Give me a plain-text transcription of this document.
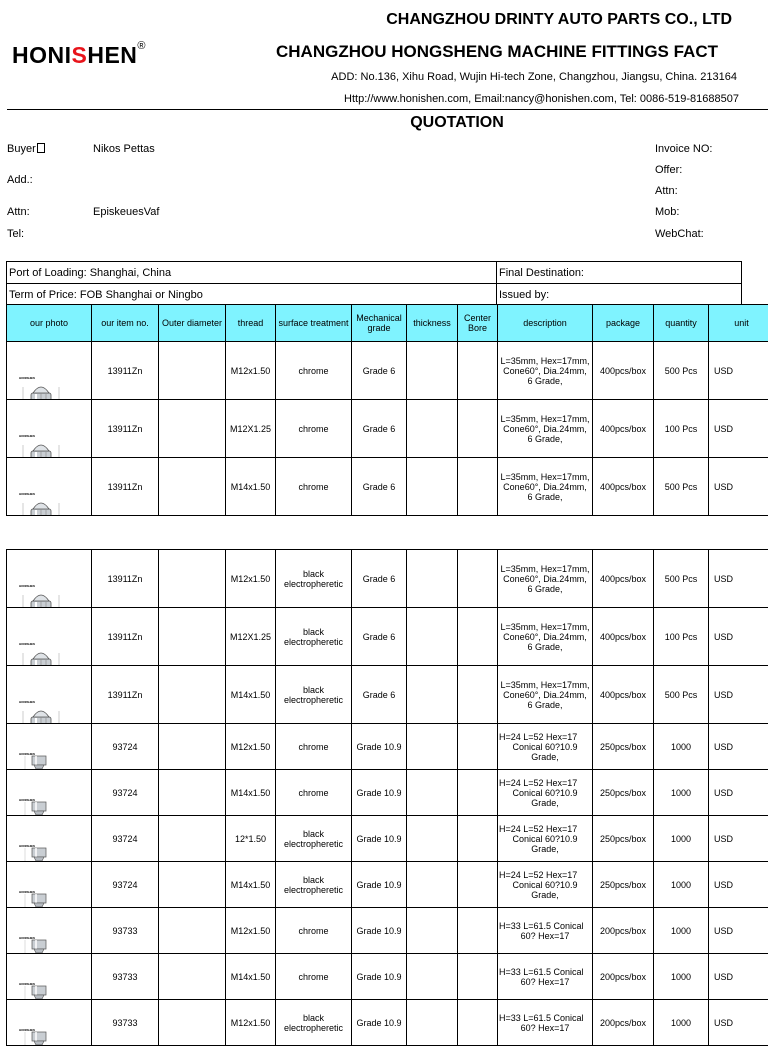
HONISHEN®
CHANGZHOU DRINTY AUTO PARTS CO., LTD
CHANGZHOU HONGSHENG MACHINE FITTINGS FACT
ADD: No.136, Xihu Road, Wujin Hi-tech Zone, Changzhou, Jiangsu, China. 213164
Http://www.honishen.com, Email:nancy@honishen.com, Tel: 0086-519-81688507
QUOTATION
Buyer	Nikos Pettas
Add.:
Attn:	EpiskeuesVaf
Tel:
Invoice NO:
Offer:
Attn:
Mob:
WebChat:
Port of Loading: Shanghai, China	Final Destination:
Term of Price: FOB Shanghai or Ningbo	Issued by:
our photo	our item no.	Outer diameter	thread	surface treatment	Mechanical grade	thickness	Center Bore	description	package	quantity	unit

HONISHEN	13911Zn		M12x1.50	chrome	Grade 6			L=35mm, Hex=17mm,
Cone60°, Dia.24mm,
6 Grade,	400pcs/box	500 Pcs	USD

HONISHEN	13911Zn		M12X1.25	chrome	Grade 6			L=35mm, Hex=17mm,
Cone60°, Dia.24mm,
6 Grade,	400pcs/box	100 Pcs	USD

HONISHEN	13911Zn		M14x1.50	chrome	Grade 6			L=35mm, Hex=17mm,
Cone60°, Dia.24mm,
6 Grade,	400pcs/box	500 Pcs	USD
HONISHEN	13911Zn		M12x1.50	black electropheretic	Grade 6			L=35mm, Hex=17mm,
Cone60°, Dia.24mm,
6 Grade,	400pcs/box	500 Pcs	USD

HONISHEN	13911Zn		M12X1.25	black electropheretic	Grade 6			L=35mm, Hex=17mm,
Cone60°, Dia.24mm,
6 Grade,	400pcs/box	100 Pcs	USD

HONISHEN	13911Zn		M14x1.50	black electropheretic	Grade 6			L=35mm, Hex=17mm,
Cone60°, Dia.24mm,
6 Grade,	400pcs/box	500 Pcs	USD

HONISHEN	93724		M12x1.50	chrome	Grade 10.9			H=24 L=52 Hex=17
Conical 60?10.9
Grade,	250pcs/box	1000	USD

HONISHEN	93724		M14x1.50	chrome	Grade 10.9			H=24 L=52 Hex=17
Conical 60?10.9
Grade,	250pcs/box	1000	USD

HONISHEN	93724		12*1.50	black electropheretic	Grade 10.9			H=24 L=52 Hex=17
Conical 60?10.9
Grade,	250pcs/box	1000	USD

HONISHEN	93724		M14x1.50	black electropheretic	Grade 10.9			H=24 L=52 Hex=17
Conical 60?10.9
Grade,	250pcs/box	1000	USD

HONISHEN	93733		M12x1.50	chrome	Grade 10.9			H=33 L=61.5 Conical
60? Hex=17	200pcs/box	1000	USD

HONISHEN	93733		M14x1.50	chrome	Grade 10.9			H=33 L=61.5 Conical
60? Hex=17	200pcs/box	1000	USD

HONISHEN	93733		M12x1.50	black electropheretic	Grade 10.9			H=33 L=61.5 Conical
60? Hex=17	200pcs/box	1000	USD
